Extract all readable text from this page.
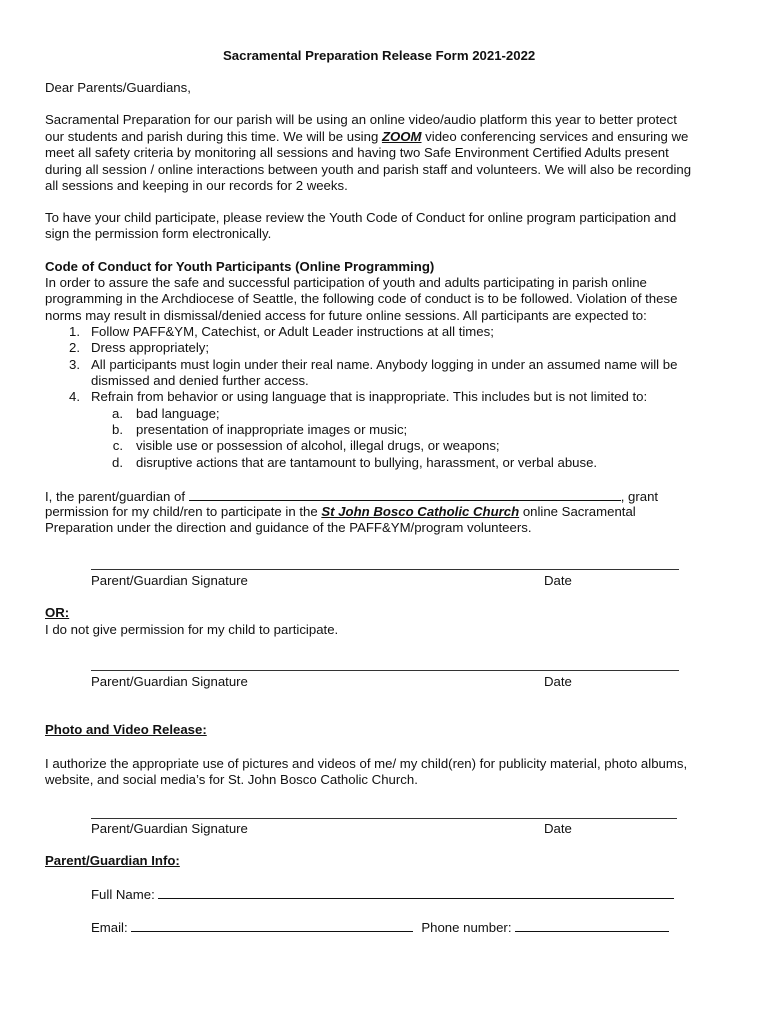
Sacramental Preparation Release Form 2021-2022
Dear Parents/Guardians,
Sacramental Preparation for our parish will be using an online video/audio platform this year to better protect
our students and parish during this time. We will be using ZOOM video conferencing services and ensuring we
meet all safety criteria by monitoring all sessions and having two Safe Environment Certified Adults present
during all session / online interactions between youth and parish staff and volunteers. We will also be recording
all sessions and keeping in our records for 2 weeks.
To have your child participate, please review the Youth Code of Conduct for online program participation and
sign the permission form electronically.
Code of Conduct for Youth Participants (Online Programming)
In order to assure the safe and successful participation of youth and adults participating in parish online
programming in the Archdiocese of Seattle, the following code of conduct is to be followed. Violation of these
norms may result in dismissal/denied access for future online sessions. All participants are expected to:
1. Follow PAFF&YM, Catechist, or Adult Leader instructions at all times;
2. Dress appropriately;
3. All participants must login under their real name. Anybody logging in under an assumed name will be
dismissed and denied further access.
4. Refrain from behavior or using language that is inappropriate. This includes but is not limited to:
a. bad language;
b. presentation of inappropriate images or music;
c. visible use or possession of alcohol, illegal drugs, or weapons;
d. disruptive actions that are tantamount to bullying, harassment, or verbal abuse.
I, the parent/guardian of	, grant
permission for my child/ren to participate in the St John Bosco Catholic Church online Sacramental
Preparation under the direction and guidance of the PAFF&YM/program volunteers.
Parent/Guardian Signature	Date
OR:
I do not give permission for my child to participate.
Parent/Guardian Signature	Date
Photo and Video Release:
I authorize the appropriate use of pictures and videos of me/ my child(ren) for publicity material, photo albums,
website, and social media’s for St. John Bosco Catholic Church.
Parent/Guardian Signature	Date
Parent/Guardian Info:
Full Name:
Email:	Phone number:
